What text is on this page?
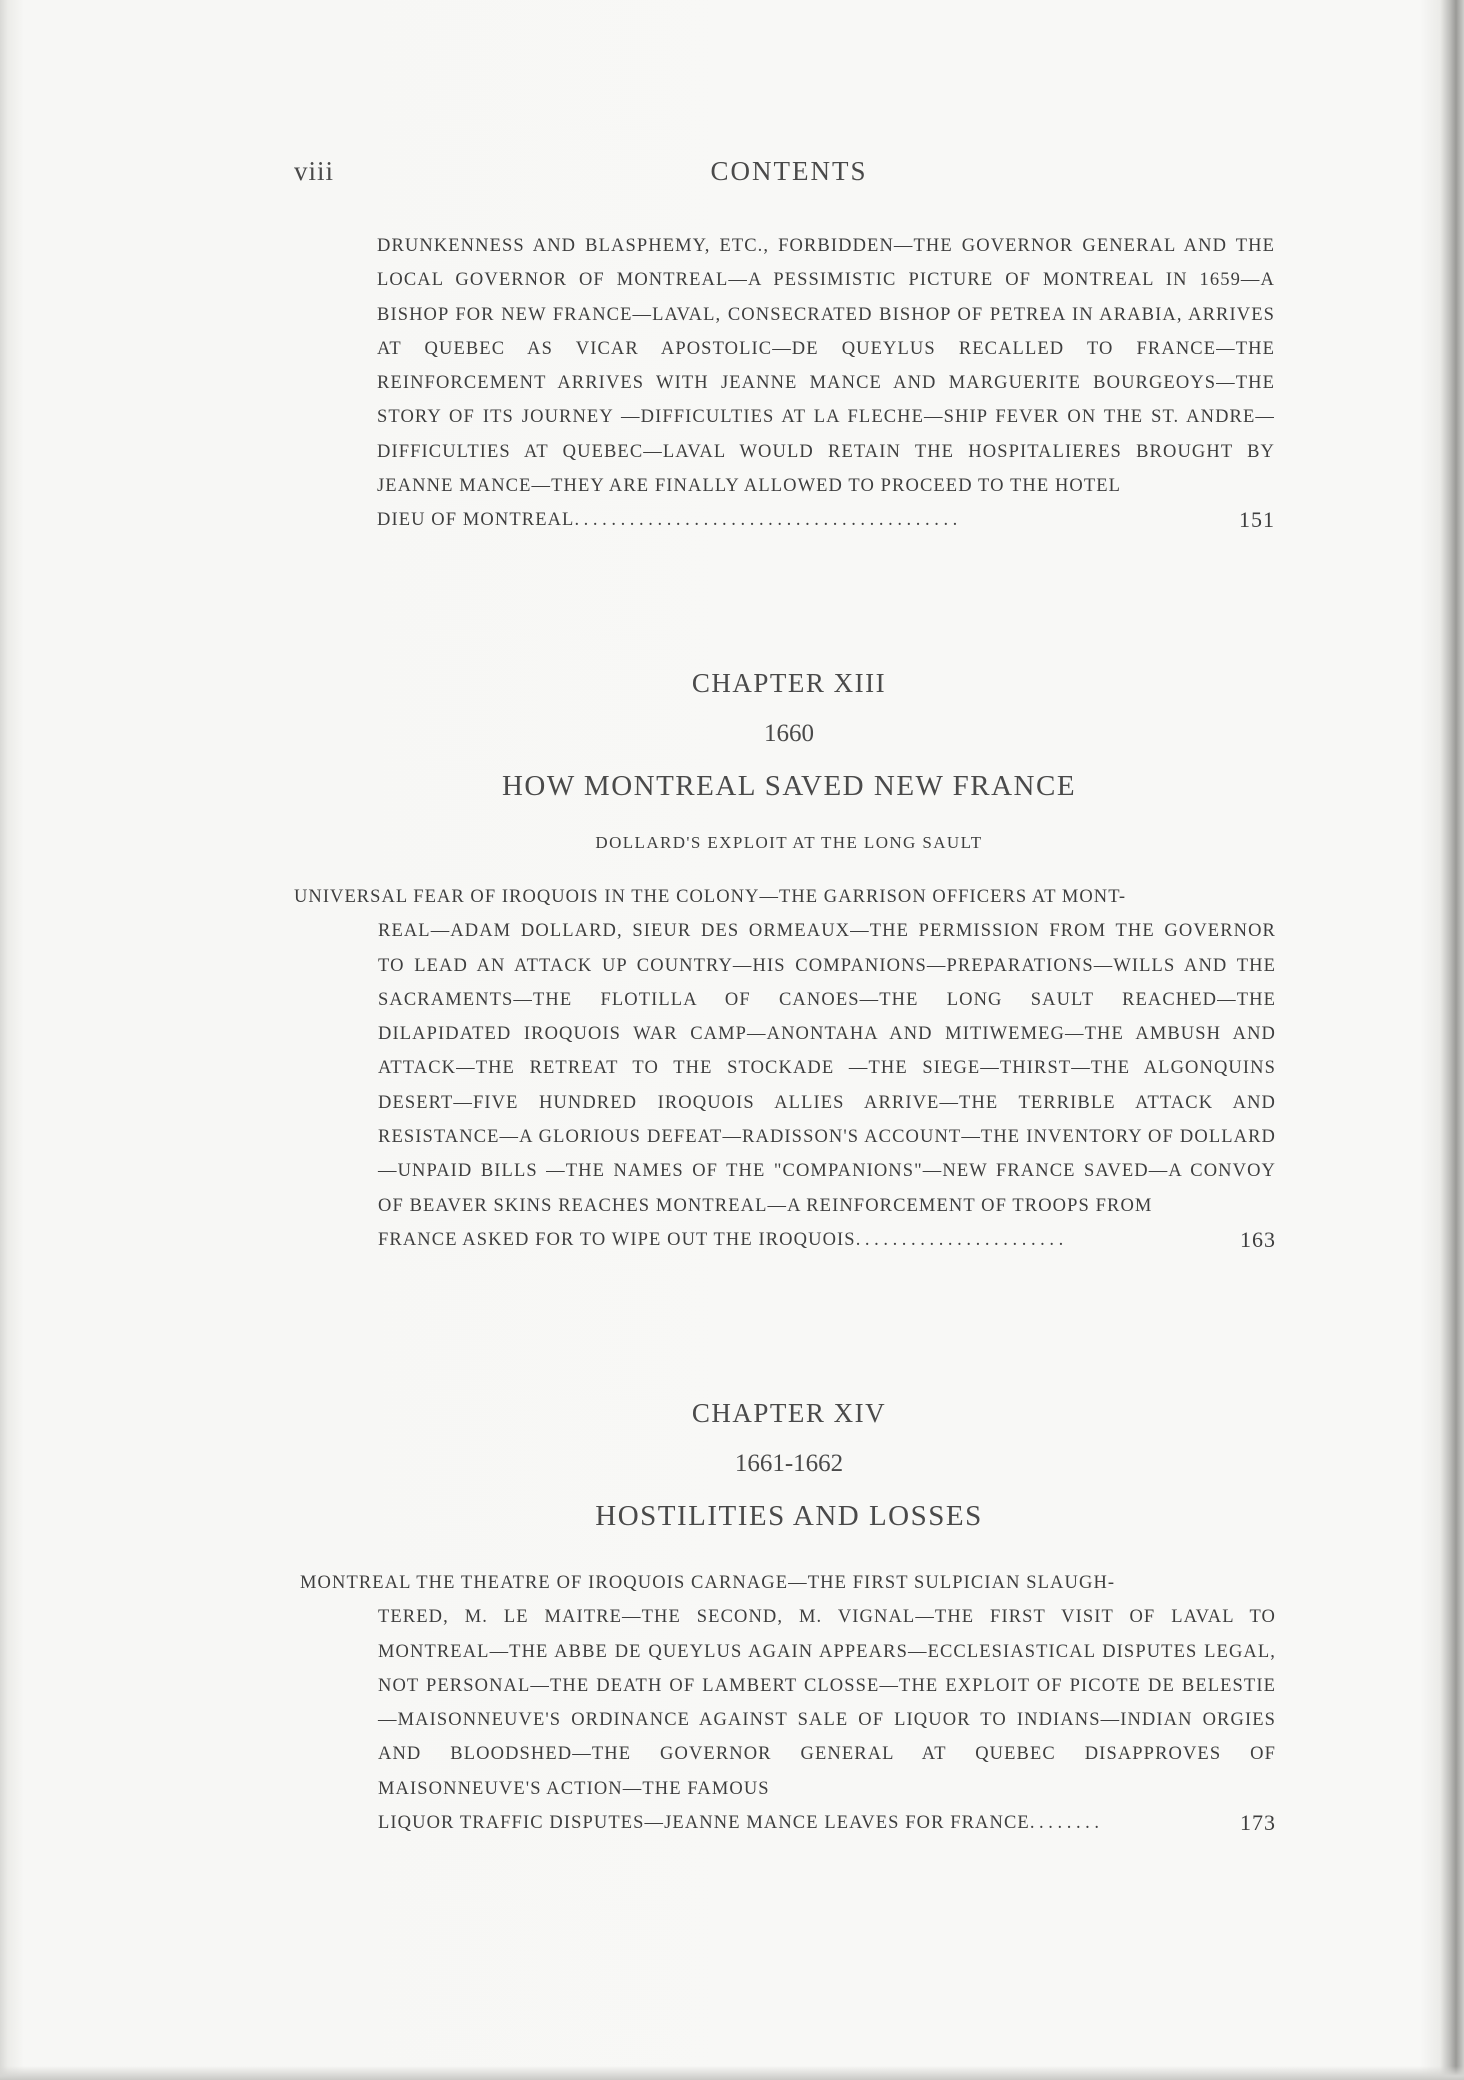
viii	CONTENTS
DRUNKENNESS AND BLASPHEMY, ETC., FORBIDDEN—THE GOVERNOR GENERAL AND THE LOCAL GOVERNOR OF MONTREAL—A PESSIMISTIC PICTURE OF MONTREAL IN 1659—A BISHOP FOR NEW FRANCE—LAVAL, CONSECRATED BISHOP OF PETREA IN ARABIA, ARRIVES AT QUEBEC AS VICAR APOSTOLIC—DE QUEYLUS RECALLED TO FRANCE—THE REINFORCEMENT ARRIVES WITH JEANNE MANCE AND MARGUERITE BOURGEOYS—THE STORY OF ITS JOURNEY —DIFFICULTIES AT LA FLECHE—SHIP FEVER ON THE ST. ANDRE—DIFFICULTIES AT QUEBEC—LAVAL WOULD RETAIN THE HOSPITALIERES BROUGHT BY JEANNE MANCE—THEY ARE FINALLY ALLOWED TO PROCEED TO THE HOTEL
DIEU OF MONTREAL..........................................	151
CHAPTER XIII
1660
HOW MONTREAL SAVED NEW FRANCE
DOLLARD'S EXPLOIT AT THE LONG SAULT
UNIVERSAL FEAR OF IROQUOIS IN THE COLONY—THE GARRISON OFFICERS AT MONT-
REAL—ADAM DOLLARD, SIEUR DES ORMEAUX—THE PERMISSION FROM THE GOVERNOR TO LEAD AN ATTACK UP COUNTRY—HIS COMPANIONS—PREPARATIONS—WILLS AND THE SACRAMENTS—THE FLOTILLA OF CANOES—THE LONG SAULT REACHED—THE DILAPIDATED IROQUOIS WAR CAMP—ANONTAHA AND MITIWEMEG—THE AMBUSH AND ATTACK—THE RETREAT TO THE STOCKADE —THE SIEGE—THIRST—THE ALGONQUINS DESERT—FIVE HUNDRED IROQUOIS ALLIES ARRIVE—THE TERRIBLE ATTACK AND RESISTANCE—A GLORIOUS DEFEAT—RADISSON'S ACCOUNT—THE INVENTORY OF DOLLARD—UNPAID BILLS —THE NAMES OF THE "COMPANIONS"—NEW FRANCE SAVED—A CONVOY OF BEAVER SKINS REACHES MONTREAL—A REINFORCEMENT OF TROOPS FROM
FRANCE ASKED FOR TO WIPE OUT THE IROQUOIS.......................	163
CHAPTER XIV
1661-1662
HOSTILITIES AND LOSSES
MONTREAL THE THEATRE OF IROQUOIS CARNAGE—THE FIRST SULPICIAN SLAUGH-
TERED, M. LE MAITRE—THE SECOND, M. VIGNAL—THE FIRST VISIT OF LAVAL TO MONTREAL—THE ABBE DE QUEYLUS AGAIN APPEARS—ECCLESIASTICAL DISPUTES LEGAL, NOT PERSONAL—THE DEATH OF LAMBERT CLOSSE—THE EXPLOIT OF PICOTE DE BELESTIE—MAISONNEUVE'S ORDINANCE AGAINST SALE OF LIQUOR TO INDIANS—INDIAN ORGIES AND BLOODSHED—THE GOVERNOR GENERAL AT QUEBEC DISAPPROVES OF MAISONNEUVE'S ACTION—THE FAMOUS
LIQUOR TRAFFIC DISPUTES—JEANNE MANCE LEAVES FOR FRANCE........	173
